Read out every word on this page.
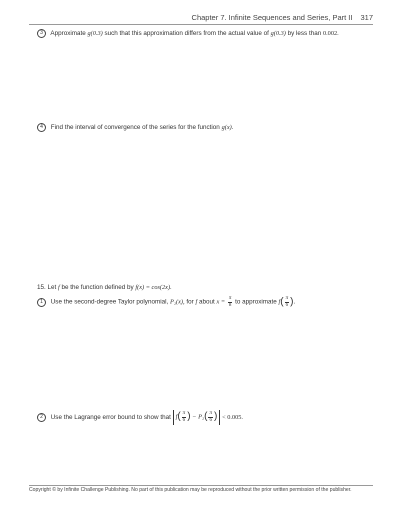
Chapter 7. Infinite Sequences and Series, Part II 317
3 Approximate g(0.3) such that this approximation differs from the actual value of g(0.3) by less than 0.002.
4 Find the interval of convergence of the series for the function g(x).
15. Let f be the function defined by f(x) = cos(2x).
1 Use the second-degree Taylor polynomial, P₂(x), for f about $x = \frac{\pi}{8}$ to approximate $f( \frac{\pi}{6}$ ).
2 Use the Lagrange error bound to show that $f( \frac{\pi}{6}$ ) − $P_2( \frac{\pi}{6}$ ) < 0.005.
Copyright © by Infinite Challenge Publishing. No part of this publication may be reproduced without the prior written permission of the publisher.
